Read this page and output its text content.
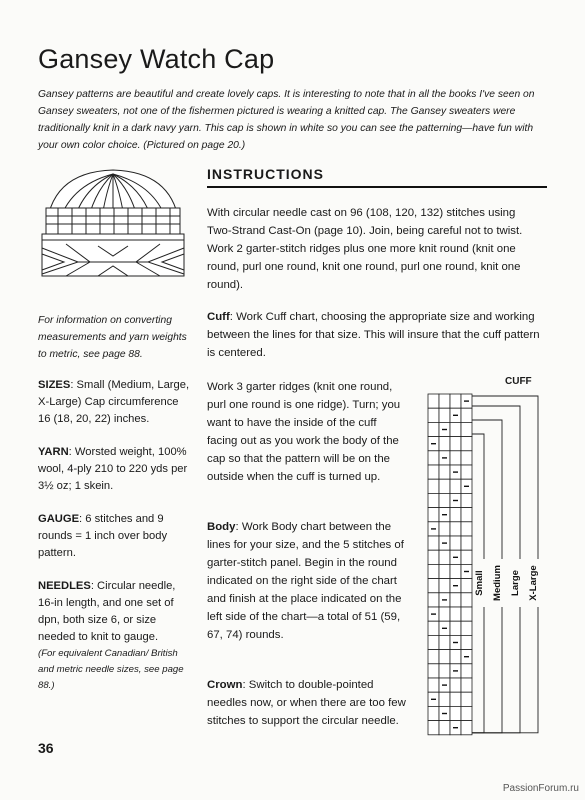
Gansey Watch Cap

Gansey patterns are beautiful and create lovely caps. It is interesting to note that in all the books I've seen on Gansey sweaters, not one of the fishermen pictured is wearing a knitted cap. The Gansey sweaters were traditionally knit in a dark navy yarn. This cap is shown in white so you can see the patterning—have fun with your own color choice. (Pictured on page 20.)

For information on converting measurements and yarn weights to metric, see page 88.

SIZES: Small (Medium, Large, X-Large) Cap circumference 16 (18, 20, 22) inches.

YARN: Worsted weight, 100% wool, 4-ply 210 to 220 yds per 3½ oz; 1 skein.

GAUGE: 6 stitches and 9 rounds = 1 inch over body pattern.

NEEDLES: Circular needle, 16-in length, and one set of dpn, both size 6, or size needed to knit to gauge.
(For equivalent Canadian/ British and metric needle sizes, see page 88.)

INSTRUCTIONS

With circular needle cast on 96 (108, 120, 132) stitches using Two-Strand Cast-On (page 10). Join, being careful not to twist. Work 2 garter-stitch ridges plus one more knit round (knit one round, purl one round, knit one round, purl one round, knit one round).

Cuff: Work Cuff chart, choosing the appropriate size and working between the lines for that size. This will insure that the cuff pattern is centered.

Work 3 garter ridges (knit one round, purl one round is one ridge). Turn; you want to have the inside of the cuff facing out as you work the body of the cap so that the pattern will be on the outside when the cuff is turned up.

Body: Work Body chart between the lines for your size, and the 5 stitches of garter-stitch panel. Begin in the round indicated on the right side of the chart and finish at the place indicated on the left side of the chart—a total of 51 (59, 67, 74) rounds.

Crown: Switch to double-pointed needles now, or when there are too few stitches to support the circular needle.

CUFF

Small Medium Large X-Large

36

PassionForum.ru
